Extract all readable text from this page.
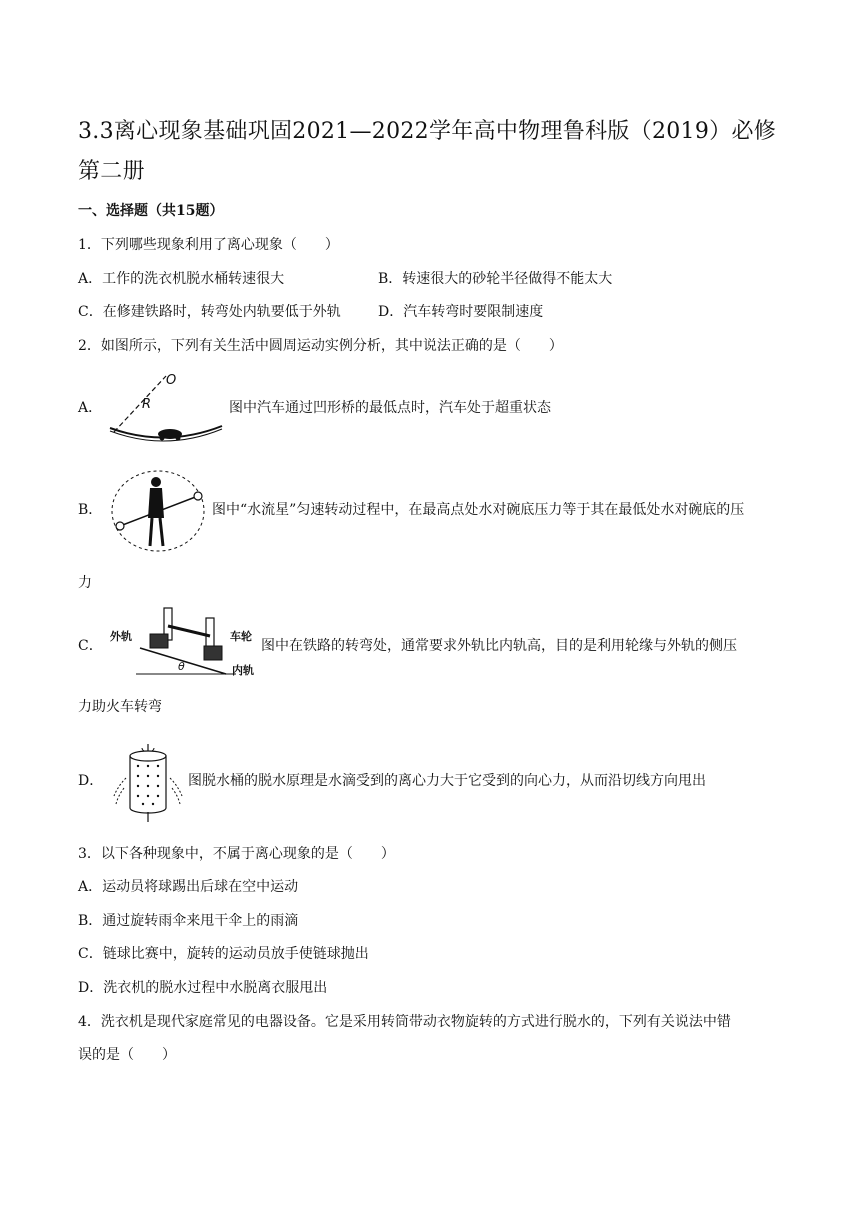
3.3离心现象基础巩固2021—2022学年高中物理鲁科版（2019）必修
第二册
一、选择题（共15题）
1．下列哪些现象利用了离心现象（　　）
A．工作的洗衣机脱水桶转速很大	B．转速很大的砂轮半径做得不能太大
C．在修建铁路时，转弯处内轨要低于外轨	D．汽车转弯时要限制速度
2．如图所示，下列有关生活中圆周运动实例分析，其中说法正确的是（　　）
A．
O
R	图中汽车通过凹形桥的最低点时，汽车处于超重状态
B．	图中“水流星”匀速转动过程中，在最高点处水对碗底压力等于其在最低处水对碗底的压
力
C．
外轨	车轮
内轨
θ
图中在铁路的转弯处，通常要求外轨比内轨高，目的是利用轮缘与外轨的侧压
力助火车转弯
D．	图脱水桶的脱水原理是水滴受到的离心力大于它受到的向心力，从而沿切线方向甩出
3．以下各种现象中，不属于离心现象的是（　　）
A．运动员将球踢出后球在空中运动
B．通过旋转雨伞来甩干伞上的雨滴
C．链球比赛中，旋转的运动员放手使链球抛出
D．洗衣机的脱水过程中水脱离衣服甩出
4．洗衣机是现代家庭常见的电器设备。它是采用转筒带动衣物旋转的方式进行脱水的，下列有关说法中错
误的是（　　）
